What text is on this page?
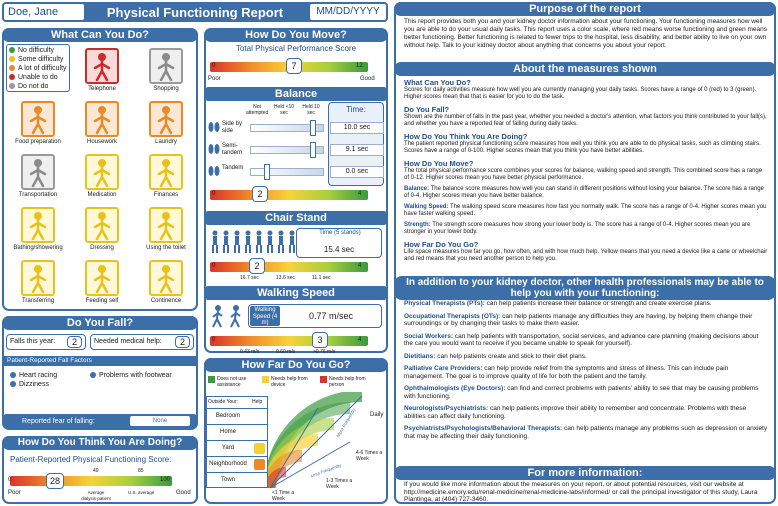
Doe, Jane	Physical Functioning Report	MM/DD/YYYY
What Can You Do?
No difficulty
Some difficulty
A lot of difficulty
Unable to do
Do not do	Telephone	Shopping
Food preparation	Housework	Laundry
Transportation	Medication	Finances
Bathing/showering	Dressing	Using the toilet
Transferring	Feeding self	Continence
Do You Fall?
Falls this year:	2	Needed medical help:	2
Patient-Reported Fall Factors
Heart racing
Dizziness
Problems with footwear
Reported fear of falling:	None
How Do You Think You Are Doing?
Patient-Reported Physical Functioning Score:
49	85
28
0	100
Average dialysis patient
U.S. average
Poor	Good
How Do You Move?
Total Physical Performance Score
7
0	12
Poor	Good
Balance
Not attempted
Held <10 sec
Held 10 sec	Time:
Side by side	10.0 sec
Semi-tandem	9.1 sec
Tandem	0.0 sec
2
0	4
Chair Stand
Time (5 stands)
15.4 sec
2
0	4
16.7 sec	13.6 sec	11.1 sec
Walking Speed
Walking Speed (4 m)
0.77 m/sec
3
0	4
0.43 m/s	0.60 m/s	>0.76 m/s
How Far Do You Go?
Does not use assistance
Needs help from device
Needs help from person
Outside Your:	Help
Bedroom
Home
Yard
Neighborhood
Town
Daily
4-6 Times a Week
1-3 Times a Week
<1 Time a Week
Less Frequently
More Frequently
Purpose of the report
This report provides both you and your kidney doctor information about your functioning. Your functioning measures how well you are able to do your usual daily tasks. This report uses a color scale, where red means worse functioning and green means better functioning. Better functioning is related to fewer trips to the hospital, less disability, and better ability to live on your own without help. Talk to your kidney doctor about anything that concerns you about your report.
About the measures shown
What Can You Do?
Scores for daily activities measure how well you are currently managing your daily tasks. Scores have a range of 0 (red) to 3 (green). Higher scores mean that that is easier for you to do the task.
Do You Fall?
Shown are the number of falls in the past year, whether you needed a doctor's attention, what factors you think contributed to your fall(s), and whether you have a reported fear of falling during daily tasks.
How Do You Think You Are Doing?
The patient reported physical functioning score measures how well you think you are able to do physical tasks, such as climbing stairs. Scores have a range of 0-100. Higher scores mean that you think you have better abilities.
How Do You Move?
The total physical performance score combines your scores for balance, walking speed and strength. This combined score has a range of 0-12. Higher scores mean you have better physical performance.
Balance: The balance score measures how well you can stand in different positions without losing your balance. The score has a range of 0-4. Higher scores mean you have better balance.
Walking Speed: The walking speed score measures how fast you normally walk. The score has a range of 0-4. Higher scores mean you have faster walking speed.
Strength: The strength score measures how strong your lower body is. The score has a range of 0-4. Higher scores mean you are stronger in your lower body.
How Far Do You Go?
Life space measures how far you go, how often, and with how much help. Yellow means that you need a device like a cane or wheelchair and red means that you need another person to help you.
In addition to your kidney doctor, other health professionals may be able to help you with your functioning:
Physical Therapists (PTs): can help patients increase their balance or strength and create exercise plans.
Occupational Therapists (OTs): can help patients manage any difficulties they are having, by helping them change their surroundings or by changing their tasks to make them easier.
Social Workers: can help patients with transportation, social services, and advance care planning (making decisions about the care you would want to receive if you became unable to speak for yourself).
Dietitians: can help patients create and stick to their diet plans.
Palliative Care Providers: can help provide relief from the symptoms and stress of illness. This can include pain management. The goal is to improve quality of life for both the patient and the family.
Ophthalmologists (Eye Doctors): can find and correct problems with patients' ability to see that may be causing problems with functioning.
Neurologists/Psychiatrists: can help patients improve their ability to remember and concentrate. Problems with these abilities can affect daily functioning.
Psychiatrists/Psychologists/Behavioral Therapists: can help patients manage any problems such as depression or anxiety that may be affecting their daily functioning.
For more information:
If you would like more information about the measures on your report, or about potential resources, visit our website at http://medicine.emory.edu/renal-medicine/renal-medicine-labs/informed/ or call the principal investigator of this study, Laura Plantinga, at (404) 727-3460.
